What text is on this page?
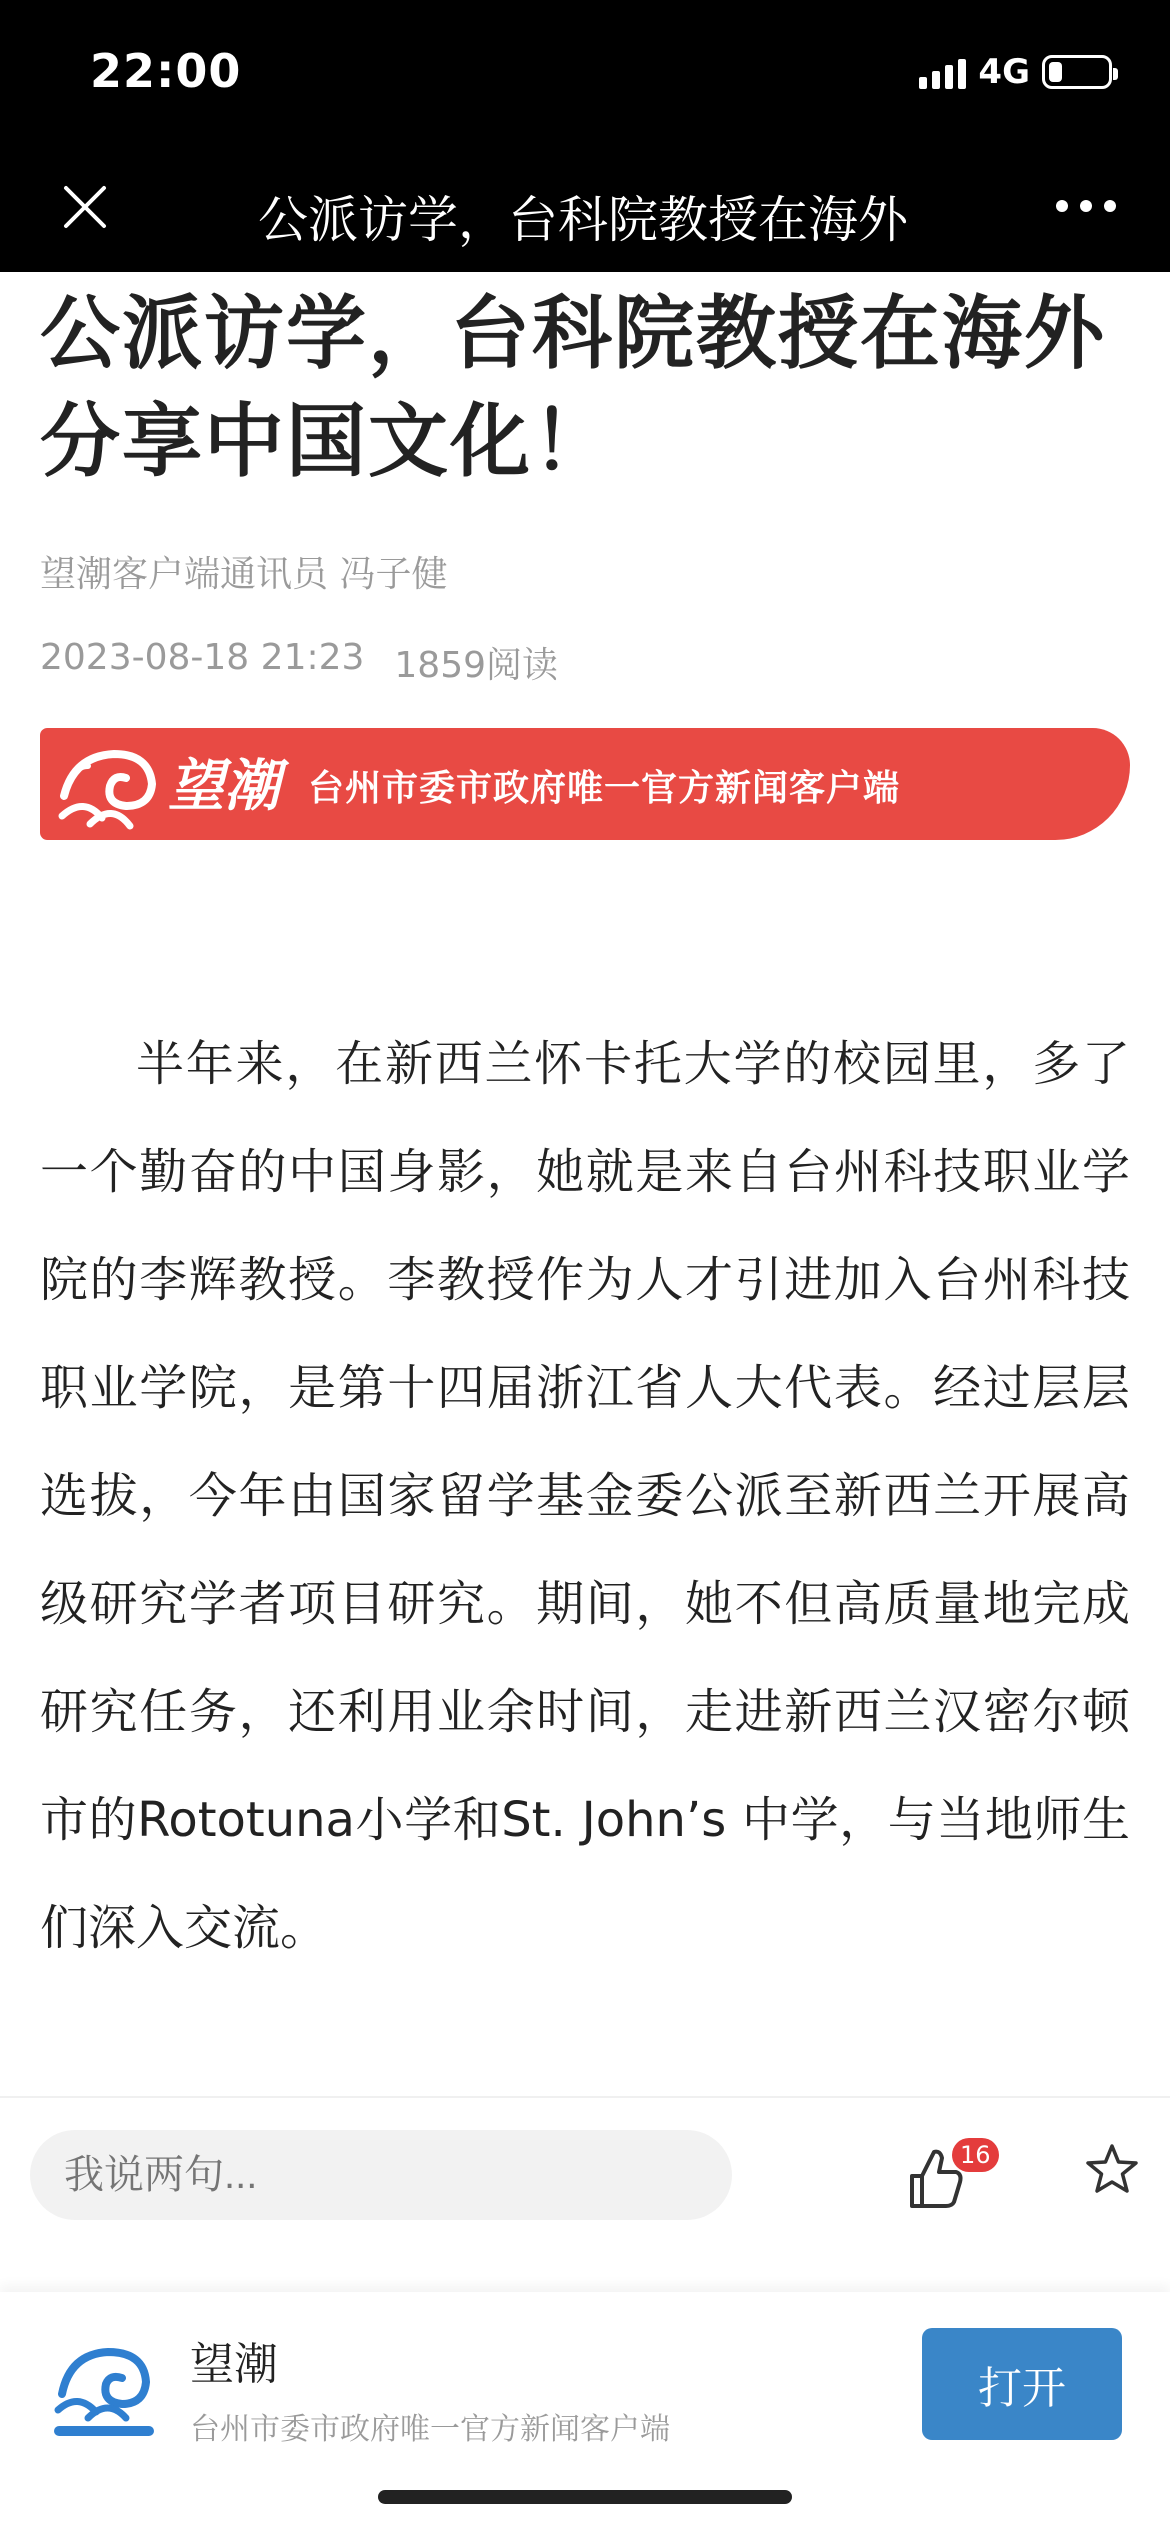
22:00	4G
公派访学，台科院教授在海外
公派访学，台科院教授在海外分享中国文化！
望潮客户端通讯员 冯子健
2023-08-18 21:23 1859阅读
望潮 台州市委市政府唯一官方新闻客户端

半年来，在新西兰怀卡托大学的校园里，多了一个勤奋的中国身影，她就是来自台州科技职业学院的李辉教授。李教授作为人才引进加入台州科技职业学院，是第十四届浙江省人大代表。经过层层选拔，今年由国家留学基金委公派至新西兰开展高级研究学者项目研究。期间，她不但高质量地完成研究任务，还利用业余时间，走进新西兰汉密尔顿市的Rototuna小学和St. John’s 中学，与当地师生们深入交流。

我说两句...
16
望潮
台州市委市政府唯一官方新闻客户端
打开
